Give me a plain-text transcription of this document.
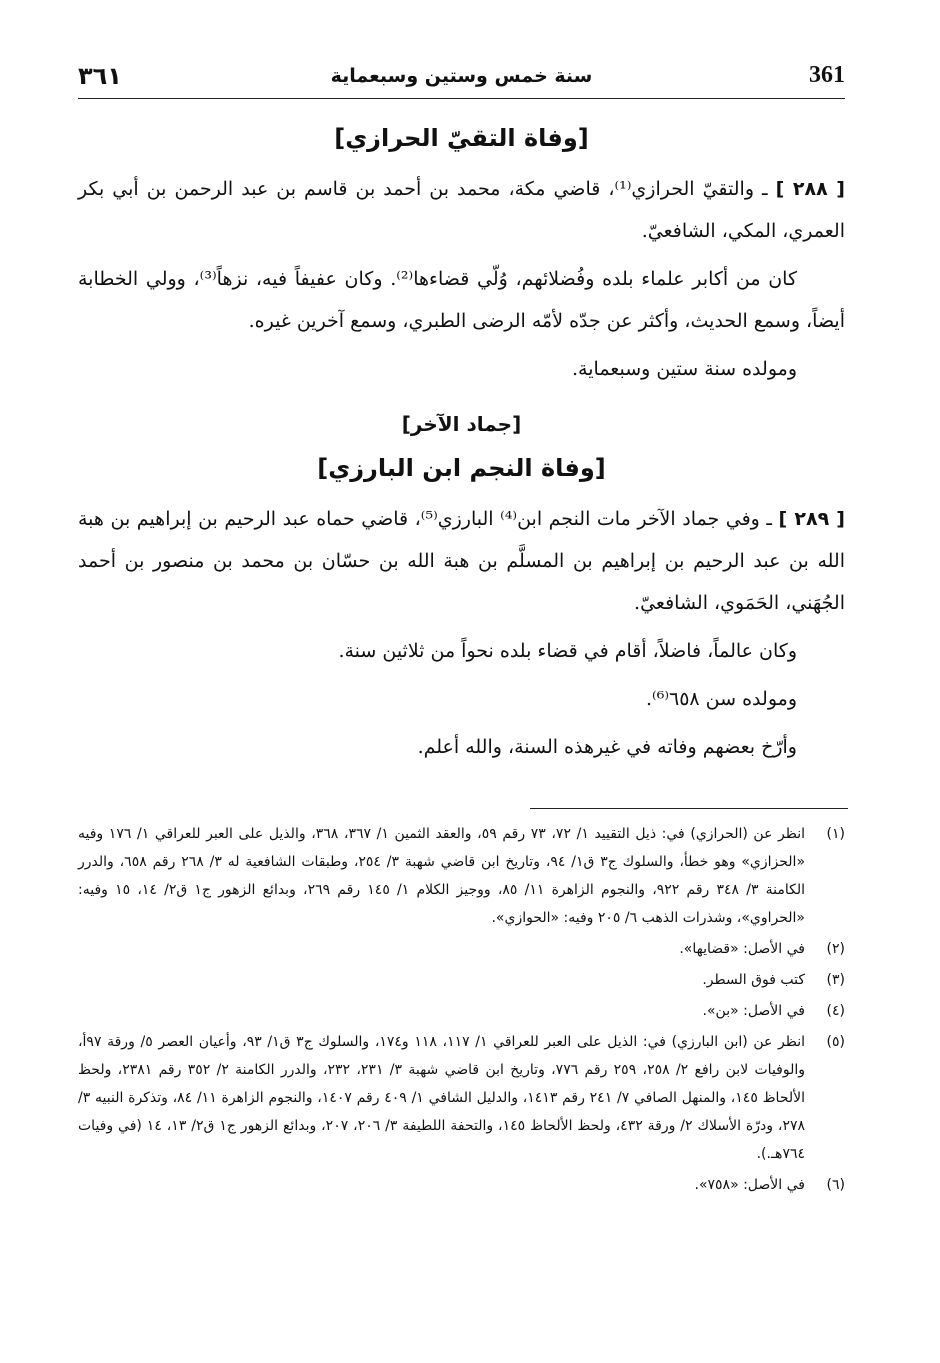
361
سنة خمس وستين وسبعماية
٣٦١
[وفاة التقيّ الحرازي]

[ ٢٨٨ ] ـ والتقيّ الحرازي⁽¹⁾، قاضي مكة، محمد بن أحمد بن قاسم بن عبد الرحمن بن أبي بكر العمري، المكي، الشافعيّ.

كان من أكابر علماء بلده وفُضلائهم، وُلّي قضاءها⁽²⁾. وكان عفيفاً فيه، نزهاً⁽³⁾، وولي الخطابة أيضاً، وسمع الحديث، وأكثر عن جدّه لأمّه الرضى الطبري، وسمع آخرين غيره.

ومولده سنة ستين وسبعماية.

[جماد الآخر]
[وفاة النجم ابن البارزي]

[ ٢٨٩ ] ـ وفي جماد الآخر مات النجم ابن⁽⁴⁾ البارزي⁽⁵⁾، قاضي حماه عبد الرحيم بن إبراهيم بن هبة الله بن عبد الرحيم بن إبراهيم بن المسلَّم بن هبة الله بن حسّان بن محمد بن منصور بن أحمد الجُهَني، الحَمَوي، الشافعيّ.

وكان عالماً، فاضلاً، أقام في قضاء بلده نحواً من ثلاثين سنة.

ومولده سن ٦٥٨⁽⁶⁾.

وأرّخ بعضهم وفاته في غيرهذه السنة، والله أعلم.

(١)
انظر عن (الحرازي) في: ذيل التقييد ١/ ٧٢، ٧٣ رقم ٥٩، والعقد الثمين ١/ ٣٦٧، ٣٦٨، والذيل على العبر للعراقي ١/ ١٧٦ وفيه «الحزازي» وهو خطأ، والسلوك ج٣ ق١/ ٩٤، وتاريخ ابن قاضي شهبة ٣/ ٢٥٤، وطبقات الشافعية له ٣/ ٢٦٨ رقم ٦٥٨، والدرر الكامنة ٣/ ٣٤٨ رقم ٩٢٢، والنجوم الزاهرة ١١/ ٨٥، ووجيز الكلام ١/ ١٤٥ رقم ٢٦٩، وبدائع الزهور ج١ ق٢/ ١٤، ١٥ وفيه: «الحراوي»، وشذرات الذهب ٦/ ٢٠٥ وفيه: «الحوازي».
(٢)
في الأصل: «قضايها».
(٣)
كتب فوق السطر.
(٤)
في الأصل: «بن».
(٥)
انظر عن (ابن البارزي) في: الذيل على العبر للعراقي ١/ ١١٧، ١١٨ و١٧٤، والسلوك ج٣ ق١/ ٩٣، وأعيان العصر ٥/ ورقة ٩٧أ، والوفيات لابن رافع ٢/ ٢٥٨، ٢٥٩ رقم ٧٧٦، وتاريخ ابن قاضي شهبة ٣/ ٢٣١، ٢٣٢، والدرر الكامنة ٢/ ٣٥٢ رقم ٢٣٨١، ولحظ الألحاظ ١٤٥، والمنهل الصافي ٧/ ٢٤١ رقم ١٤١٣، والدليل الشافي ١/ ٤٠٩ رقم ١٤٠٧، والنجوم الزاهرة ١١/ ٨٤، وتذكرة النبيه ٣/ ٢٧٨، ودرّة الأسلاك ٢/ ورقة ٤٣٢، ولحظ الألحاظ ١٤٥، والتحفة اللطيفة ٣/ ٢٠٦، ٢٠٧، وبدائع الزهور ج١ ق٢/ ١٣، ١٤ (في وفيات ٧٦٤هـ.).
(٦)
في الأصل: «٧٥٨».
